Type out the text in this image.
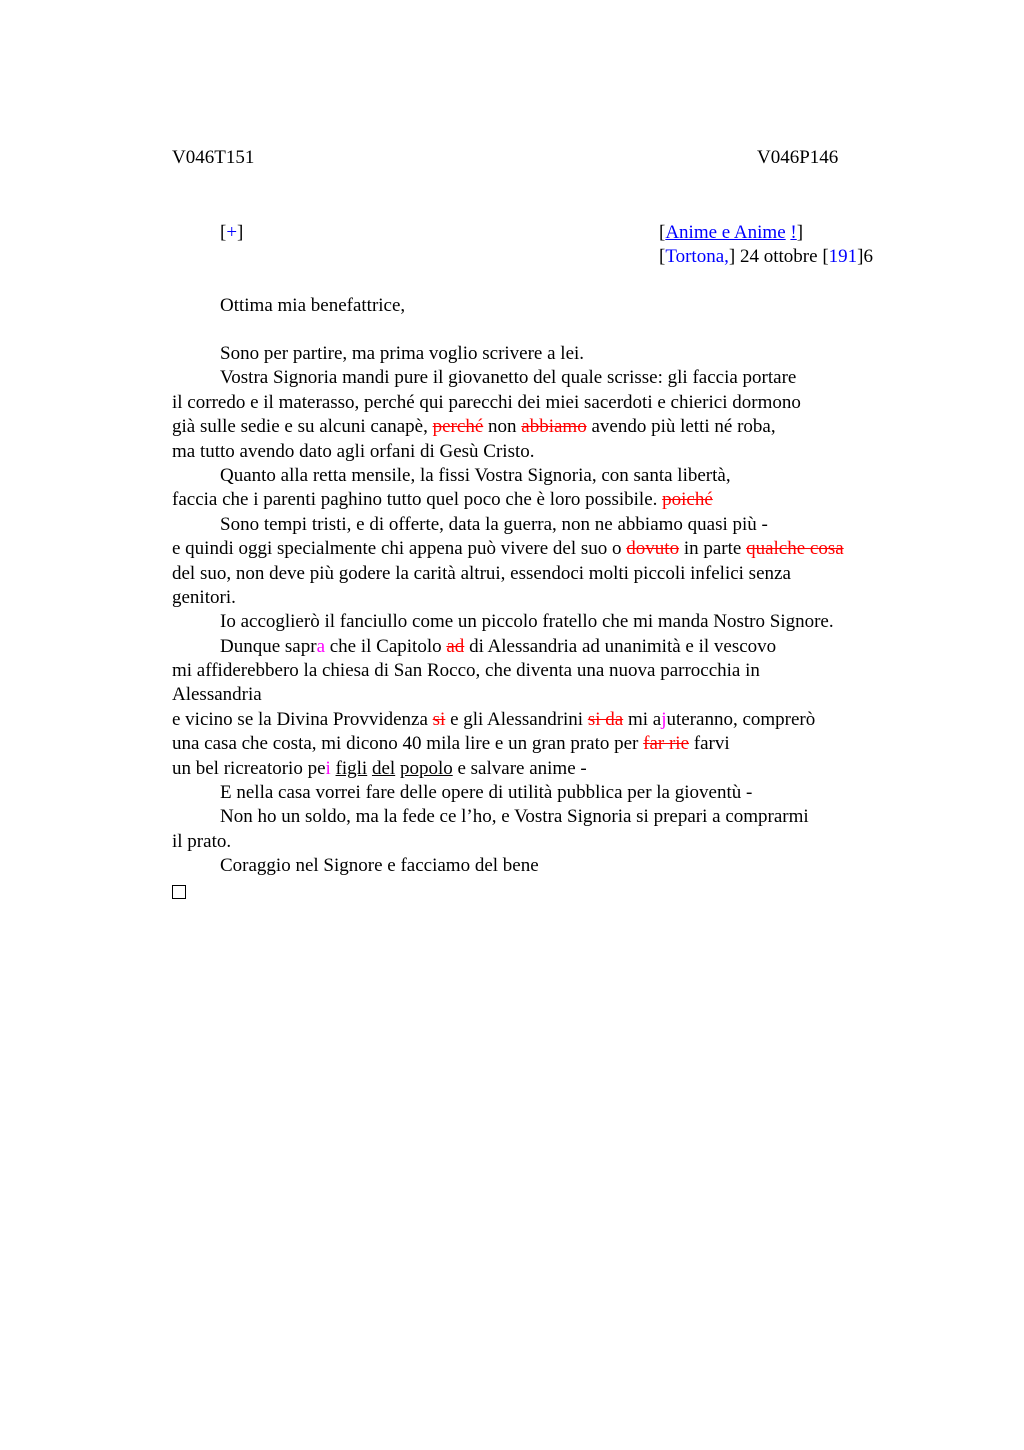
V046T151	V046P146
[+]	[Anime e Anime !]
[Tortona,] 24 ottobre [191]6
Ottima mia benefattrice,
Sono per partire, ma prima voglio scrivere a lei.
Vostra Signoria mandi pure il giovanetto del quale scrisse: gli faccia portare
il corredo e il materasso, perché qui parecchi dei miei sacerdoti e chierici dormono
già sulle sedie e su alcuni canapè, perché non abbiamo avendo più letti né roba,
ma tutto avendo dato agli orfani di Gesù Cristo.
Quanto alla retta mensile, la fissi Vostra Signoria, con santa libertà,
faccia che i parenti paghino tutto quel poco che è loro possibile. poiché
Sono tempi tristi, e di offerte, data la guerra, non ne abbiamo quasi più -
e quindi oggi specialmente chi appena può vivere del suo o dovuto in parte qualche cosa
del suo, non deve più godere la carità altrui, essendoci molti piccoli infelici senza
genitori.
Io accoglierò il fanciullo come un piccolo fratello che mi manda Nostro Signore.
Dunque sapra che il Capitolo ad di Alessandria ad unanimità e il vescovo
mi affiderebbero la chiesa di San Rocco, che diventa una nuova parrocchia in
Alessandria
e vicino se la Divina Provvidenza si e gli Alessandrini si da mi ajuteranno, comprerò
una casa che costa, mi dicono 40 mila lire e un gran prato per far rie farvi
un bel ricreatorio pei figli del popolo e salvare anime -
E nella casa vorrei fare delle opere di utilità pubblica per la gioventù -
Non ho un soldo, ma la fede ce l’ho, e Vostra Signoria si prepari a comprarmi
il prato.
Coraggio nel Signore e facciamo del bene
